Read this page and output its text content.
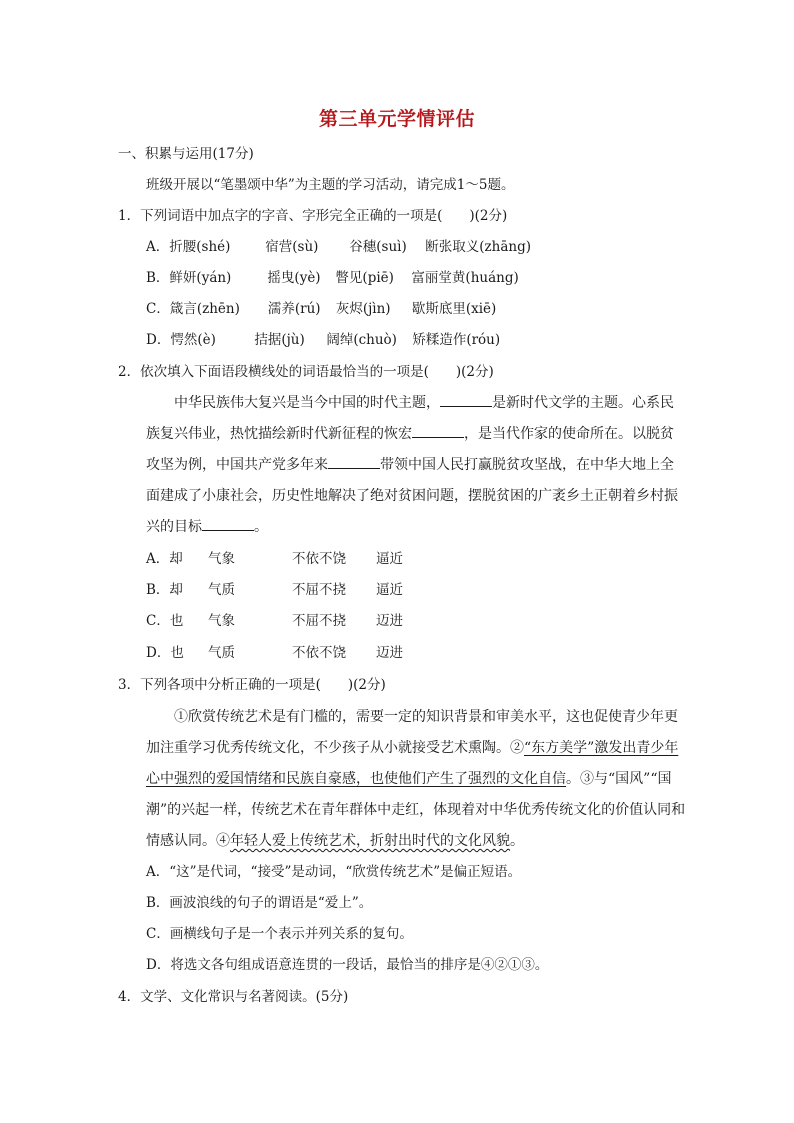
第三单元学情评估
一、积累与运用(17分)
班级开展以“笔墨颂中华”为主题的学习活动，请完成1～5题。
1．下列词语中加点字的字音、字形完全正确的一项是(　　)(2分)
A．折腰(shé)	宿营(sù) 谷穗(suì) 断张取义(zhāng)
B．鲜妍(yán)	摇曳(yè) 瞥见(piē) 富丽堂黄(huáng)
C．箴言(zhēn) 濡养(rú) 灰烬(jìn) 歇斯底里(xiē)
D．愕然(è)	拮据(jù) 阔绰(chuò) 矫糅造作(róu)
2．依次填入下面语段横线处的词语最恰当的一项是(　　)(2分)
中华民族伟大复兴是当今中国的时代主题，	是新时代文学的主题。心系民族复兴伟业，热忱描绘新时代新征程的恢宏	，是当代作家的使命所在。以脱贫攻坚为例，中国共产党多年来	带领中国人民打赢脱贫攻坚战，在中华大地上全面建成了小康社会，历史性地解决了绝对贫困问题，摆脱贫困的广袤乡土正朝着乡村振兴的目标	。
A．却 气象	不依不饶 逼近
B．却 气质	不屈不挠 逼近
C．也 气象	不屈不挠 迈进
D．也 气质	不依不饶 迈进
3．下列各项中分析正确的一项是(　　)(2分)
①欣赏传统艺术是有门槛的，需要一定的知识背景和审美水平，这也促使青少年更加注重学习优秀传统文化，不少孩子从小就接受艺术熏陶。②“东方美学”激发出青少年心中强烈的爱国情绪和民族自豪感，也使他们产生了强烈的文化自信。③与“国风”“国潮”的兴起一样，传统艺术在青年群体中走红，体现着对中华优秀传统文化的价值认同和情感认同。④年轻人爱上传统艺术，折射出时代的文化风貌。
A．“这”是代词，“接受”是动词，“欣赏传统艺术”是偏正短语。
B．画波浪线的句子的谓语是“爱上”。
C．画横线句子是一个表示并列关系的复句。
D．将选文各句组成语意连贯的一段话，最恰当的排序是④②①③。
4．文学、文化常识与名著阅读。(5分)
